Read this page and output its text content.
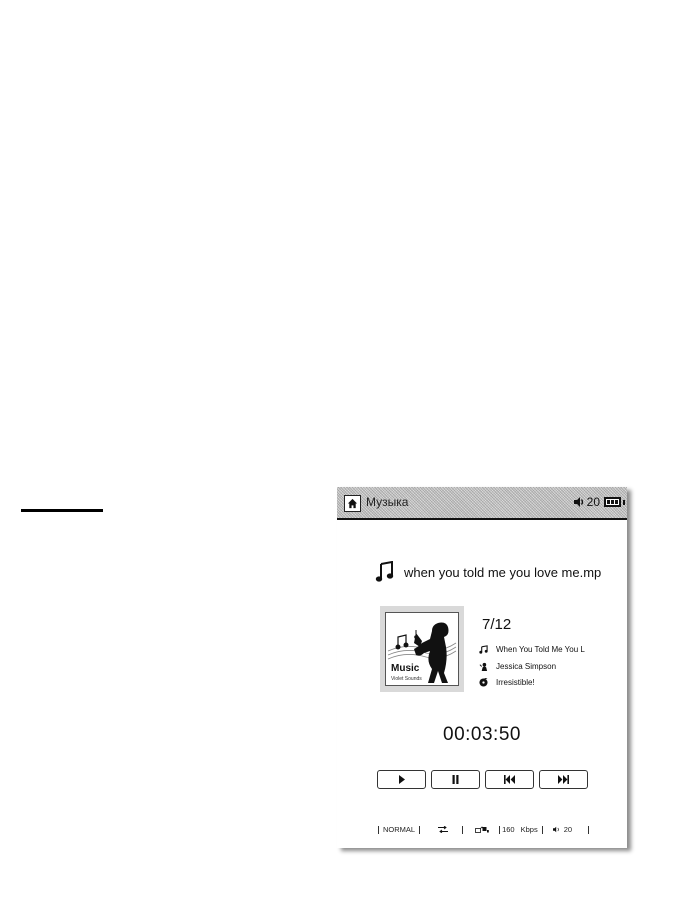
Музыка	20
when you told me you love me.mp
Music
Violet Sounds
7/12
When You Told Me You L
Jessica Simpson
Irresistible!
00:03:50
NORMAL	160 Kbps	20
